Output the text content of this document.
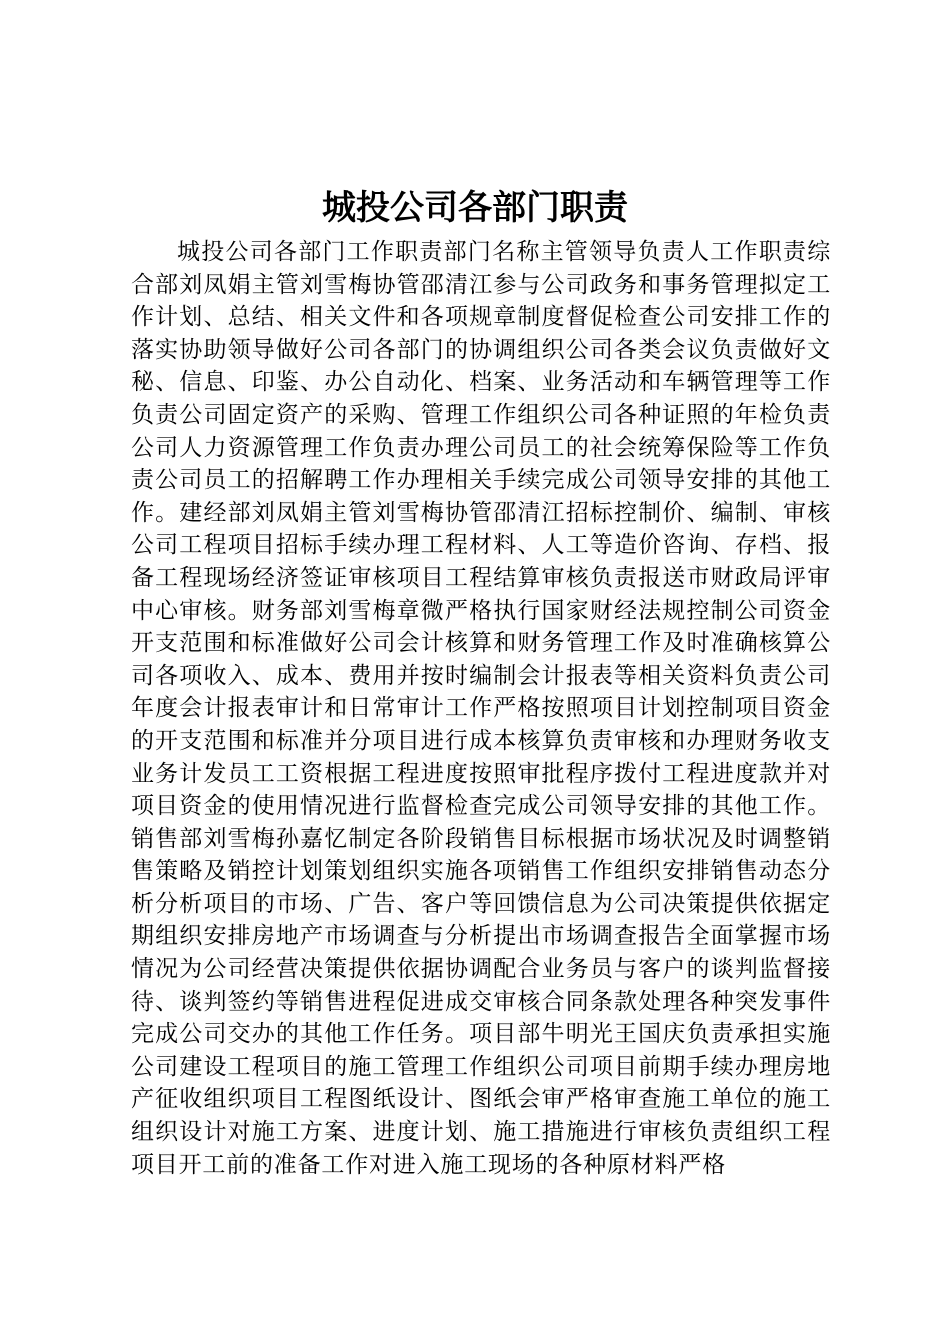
城投公司各部门职责

城投公司各部门工作职责部门名称主管领导负责人工作职责综合部刘凤娟主管刘雪梅协管邵清江参与公司政务和事务管理拟定工作计划、总结、相关文件和各项规章制度督促检查公司安排工作的落实协助领导做好公司各部门的协调组织公司各类会议负责做好文秘、信息、印鉴、办公自动化、档案、业务活动和车辆管理等工作负责公司固定资产的采购、管理工作组织公司各种证照的年检负责公司人力资源管理工作负责办理公司员工的社会统筹保险等工作负责公司员工的招解聘工作办理相关手续完成公司领导安排的其他工作。建经部刘凤娟主管刘雪梅协管邵清江招标控制价、编制、审核公司工程项目招标手续办理工程材料、人工等造价咨询、存档、报备工程现场经济签证审核项目工程结算审核负责报送市财政局评审中心审核。财务部刘雪梅章微严格执行国家财经法规控制公司资金开支范围和标准做好公司会计核算和财务管理工作及时准确核算公司各项收入、成本、费用并按时编制会计报表等相关资料负责公司年度会计报表审计和日常审计工作严格按照项目计划控制项目资金的开支范围和标准并分项目进行成本核算负责审核和办理财务收支业务计发员工工资根据工程进度按照审批程序拨付工程进度款并对项目资金的使用情况进行监督检查完成公司领导安排的其他工作。销售部刘雪梅孙嘉忆制定各阶段销售目标根据市场状况及时调整销售策略及销控计划策划组织实施各项销售工作组织安排销售动态分析分析项目的市场、广告、客户等回馈信息为公司决策提供依据定期组织安排房地产市场调查与分析提出市场调查报告全面掌握市场情况为公司经营决策提供依据协调配合业务员与客户的谈判监督接待、谈判签约等销售进程促进成交审核合同条款处理各种突发事件完成公司交办的其他工作任务。项目部牛明光王国庆负责承担实施公司建设工程项目的施工管理工作组织公司项目前期手续办理房地产征收组织项目工程图纸设计、图纸会审严格审查施工单位的施工组织设计对施工方案、进度计划、施工措施进行审核负责组织工程项目开工前的准备工作对进入施工现场的各种原材料严格
